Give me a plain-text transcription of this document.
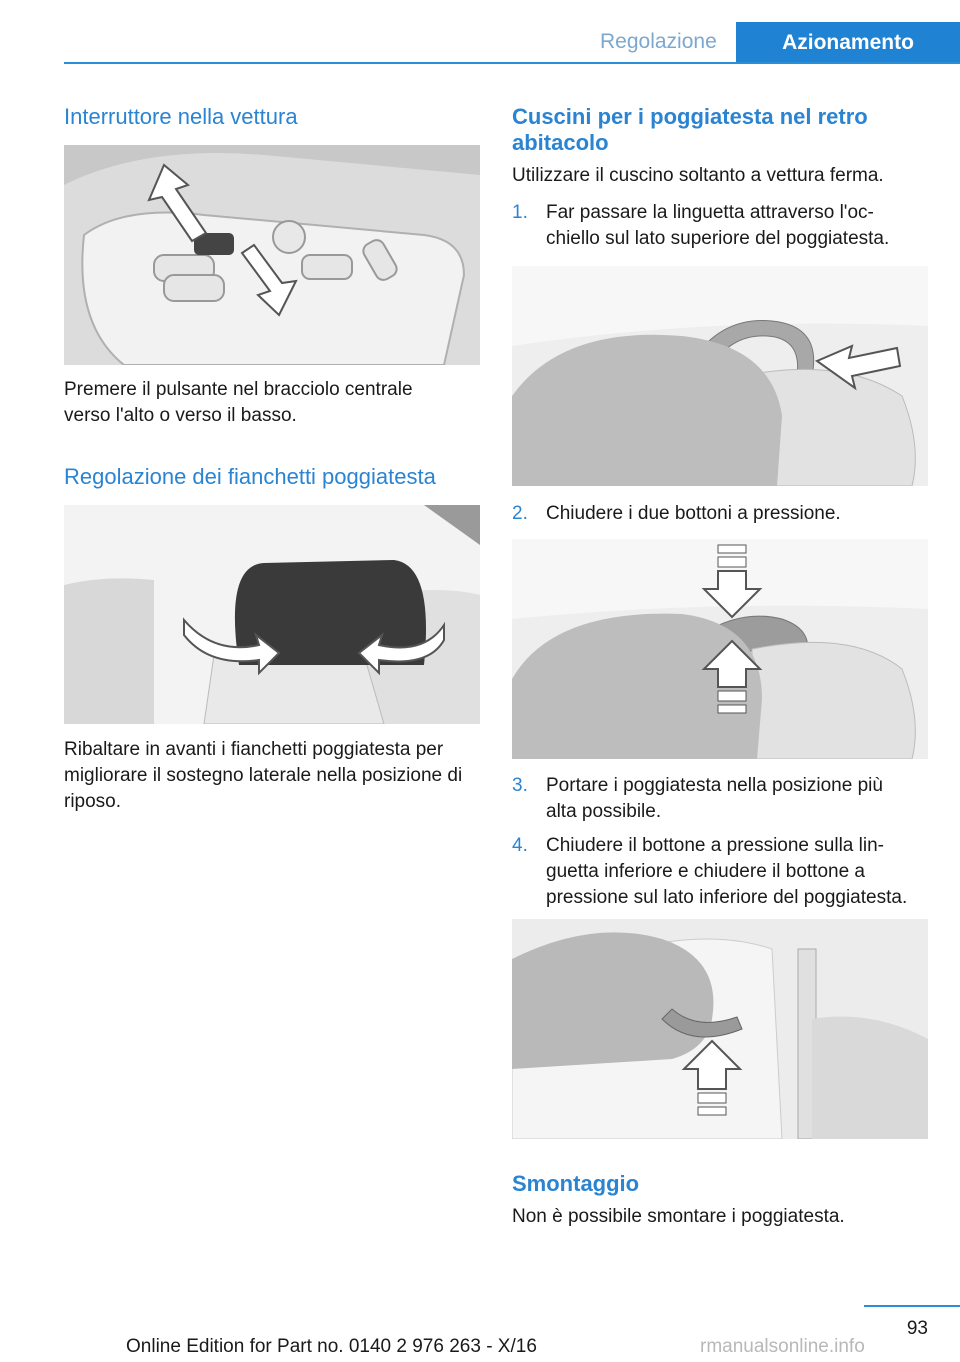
Regolazione	Azionamento
Interruttore nella vettura
Premere il pulsante nel bracciolo centrale
verso l'alto o verso il basso.
Regolazione dei fianchetti poggiatesta
Ribaltare in avanti i fianchetti poggiatesta per
migliorare il sostegno laterale nella posizione di
riposo.
Cuscini per i poggiatesta nel retro
abitacolo
Utilizzare il cuscino soltanto a vettura ferma.
1. Far passare la linguetta attraverso l'oc-
chiello sul lato superiore del poggiatesta.
2. Chiudere i due bottoni a pressione.
3. Portare i poggiatesta nella posizione più
alta possibile.
4. Chiudere il bottone a pressione sulla lin-
guetta inferiore e chiudere il bottone a
pressione sul lato inferiore del poggiatesta.
Smontaggio
Non è possibile smontare i poggiatesta.
93
Online Edition for Part no. 0140 2 976 263 - X/16	rmanualsonline.info
